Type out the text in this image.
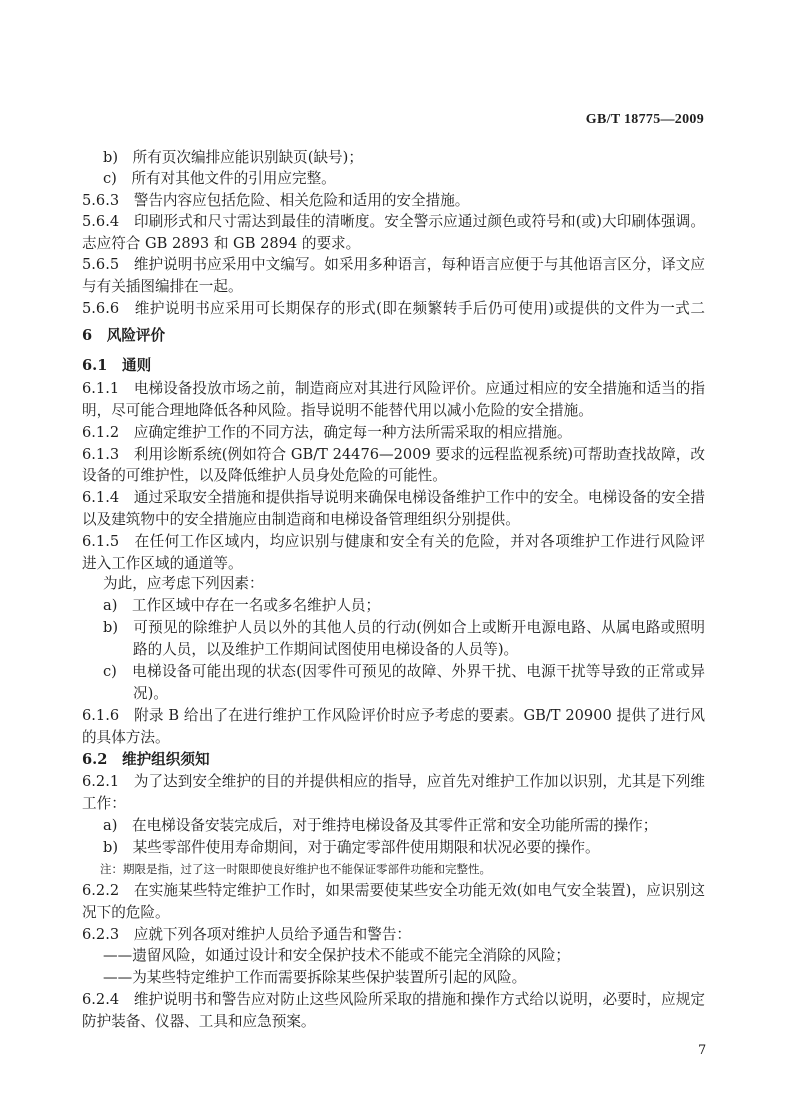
GB/T 18775—2009
b)　所有页次编排应能识别缺页(缺号)；
c)　所有对其他文件的引用应完整。
5.6.3　警告内容应包括危险、相关危险和适用的安全措施。
5.6.4　印刷形式和尺寸需达到最佳的清晰度。安全警示应通过颜色或符号和(或)大印刷体强调。
志应符合 GB 2893 和 GB 2894 的要求。
5.6.5　维护说明书应采用中文编写。如采用多种语言，每种语言应便于与其他语言区分，译文应
与有关插图编排在一起。
5.6.6　维护说明书应采用可长期保存的形式(即在频繁转手后仍可使用)或提供的文件为一式二
6　风险评价
6.1　通则
6.1.1　电梯设备投放市场之前，制造商应对其进行风险评价。应通过相应的安全措施和适当的指
明，尽可能合理地降低各种风险。指导说明不能替代用以减小危险的安全措施。
6.1.2　应确定维护工作的不同方法，确定每一种方法所需采取的相应措施。
6.1.3　利用诊断系统(例如符合 GB/T 24476—2009 要求的远程监视系统)可帮助查找故障，改
设备的可维护性，以及降低维护人员身处危险的可能性。
6.1.4　通过采取安全措施和提供指导说明来确保电梯设备维护工作中的安全。电梯设备的安全措
以及建筑物中的安全措施应由制造商和电梯设备管理组织分别提供。
6.1.5　在任何工作区域内，均应识别与健康和安全有关的危险，并对各项维护工作进行风险评
进入工作区域的通道等。
为此，应考虑下列因素：
a)　工作区域中存在一名或多名维护人员；
b)　可预见的除维护人员以外的其他人员的行动(例如合上或断开电源电路、从属电路或照明
路的人员，以及维护工作期间试图使用电梯设备的人员等)。
c)　电梯设备可能出现的状态(因零件可预见的故障、外界干扰、电源干扰等导致的正常或异
况)。
6.1.6　附录 B 给出了在进行维护工作风险评价时应予考虑的要素。GB/T 20900 提供了进行风
的具体方法。
6.2　维护组织须知
6.2.1　为了达到安全维护的目的并提供相应的指导，应首先对维护工作加以识别，尤其是下列维
工作：
a)　在电梯设备安装完成后，对于维持电梯设备及其零件正常和安全功能所需的操作；
b)　某些零部件使用寿命期间，对于确定零部件使用期限和状况必要的操作。
注：期限是指，过了这一时限即使良好维护也不能保证零部件功能和完整性。
6.2.2　在实施某些特定维护工作时，如果需要使某些安全功能无效(如电气安全装置)，应识别这
况下的危险。
6.2.3　应就下列各项对维护人员给予通告和警告：
——遗留风险，如通过设计和安全保护技术不能或不能完全消除的风险；
——为某些特定维护工作而需要拆除某些保护装置所引起的风险。
6.2.4　维护说明书和警告应对防止这些风险所采取的措施和操作方式给以说明，必要时，应规定
防护装备、仪器、工具和应急预案。
7
